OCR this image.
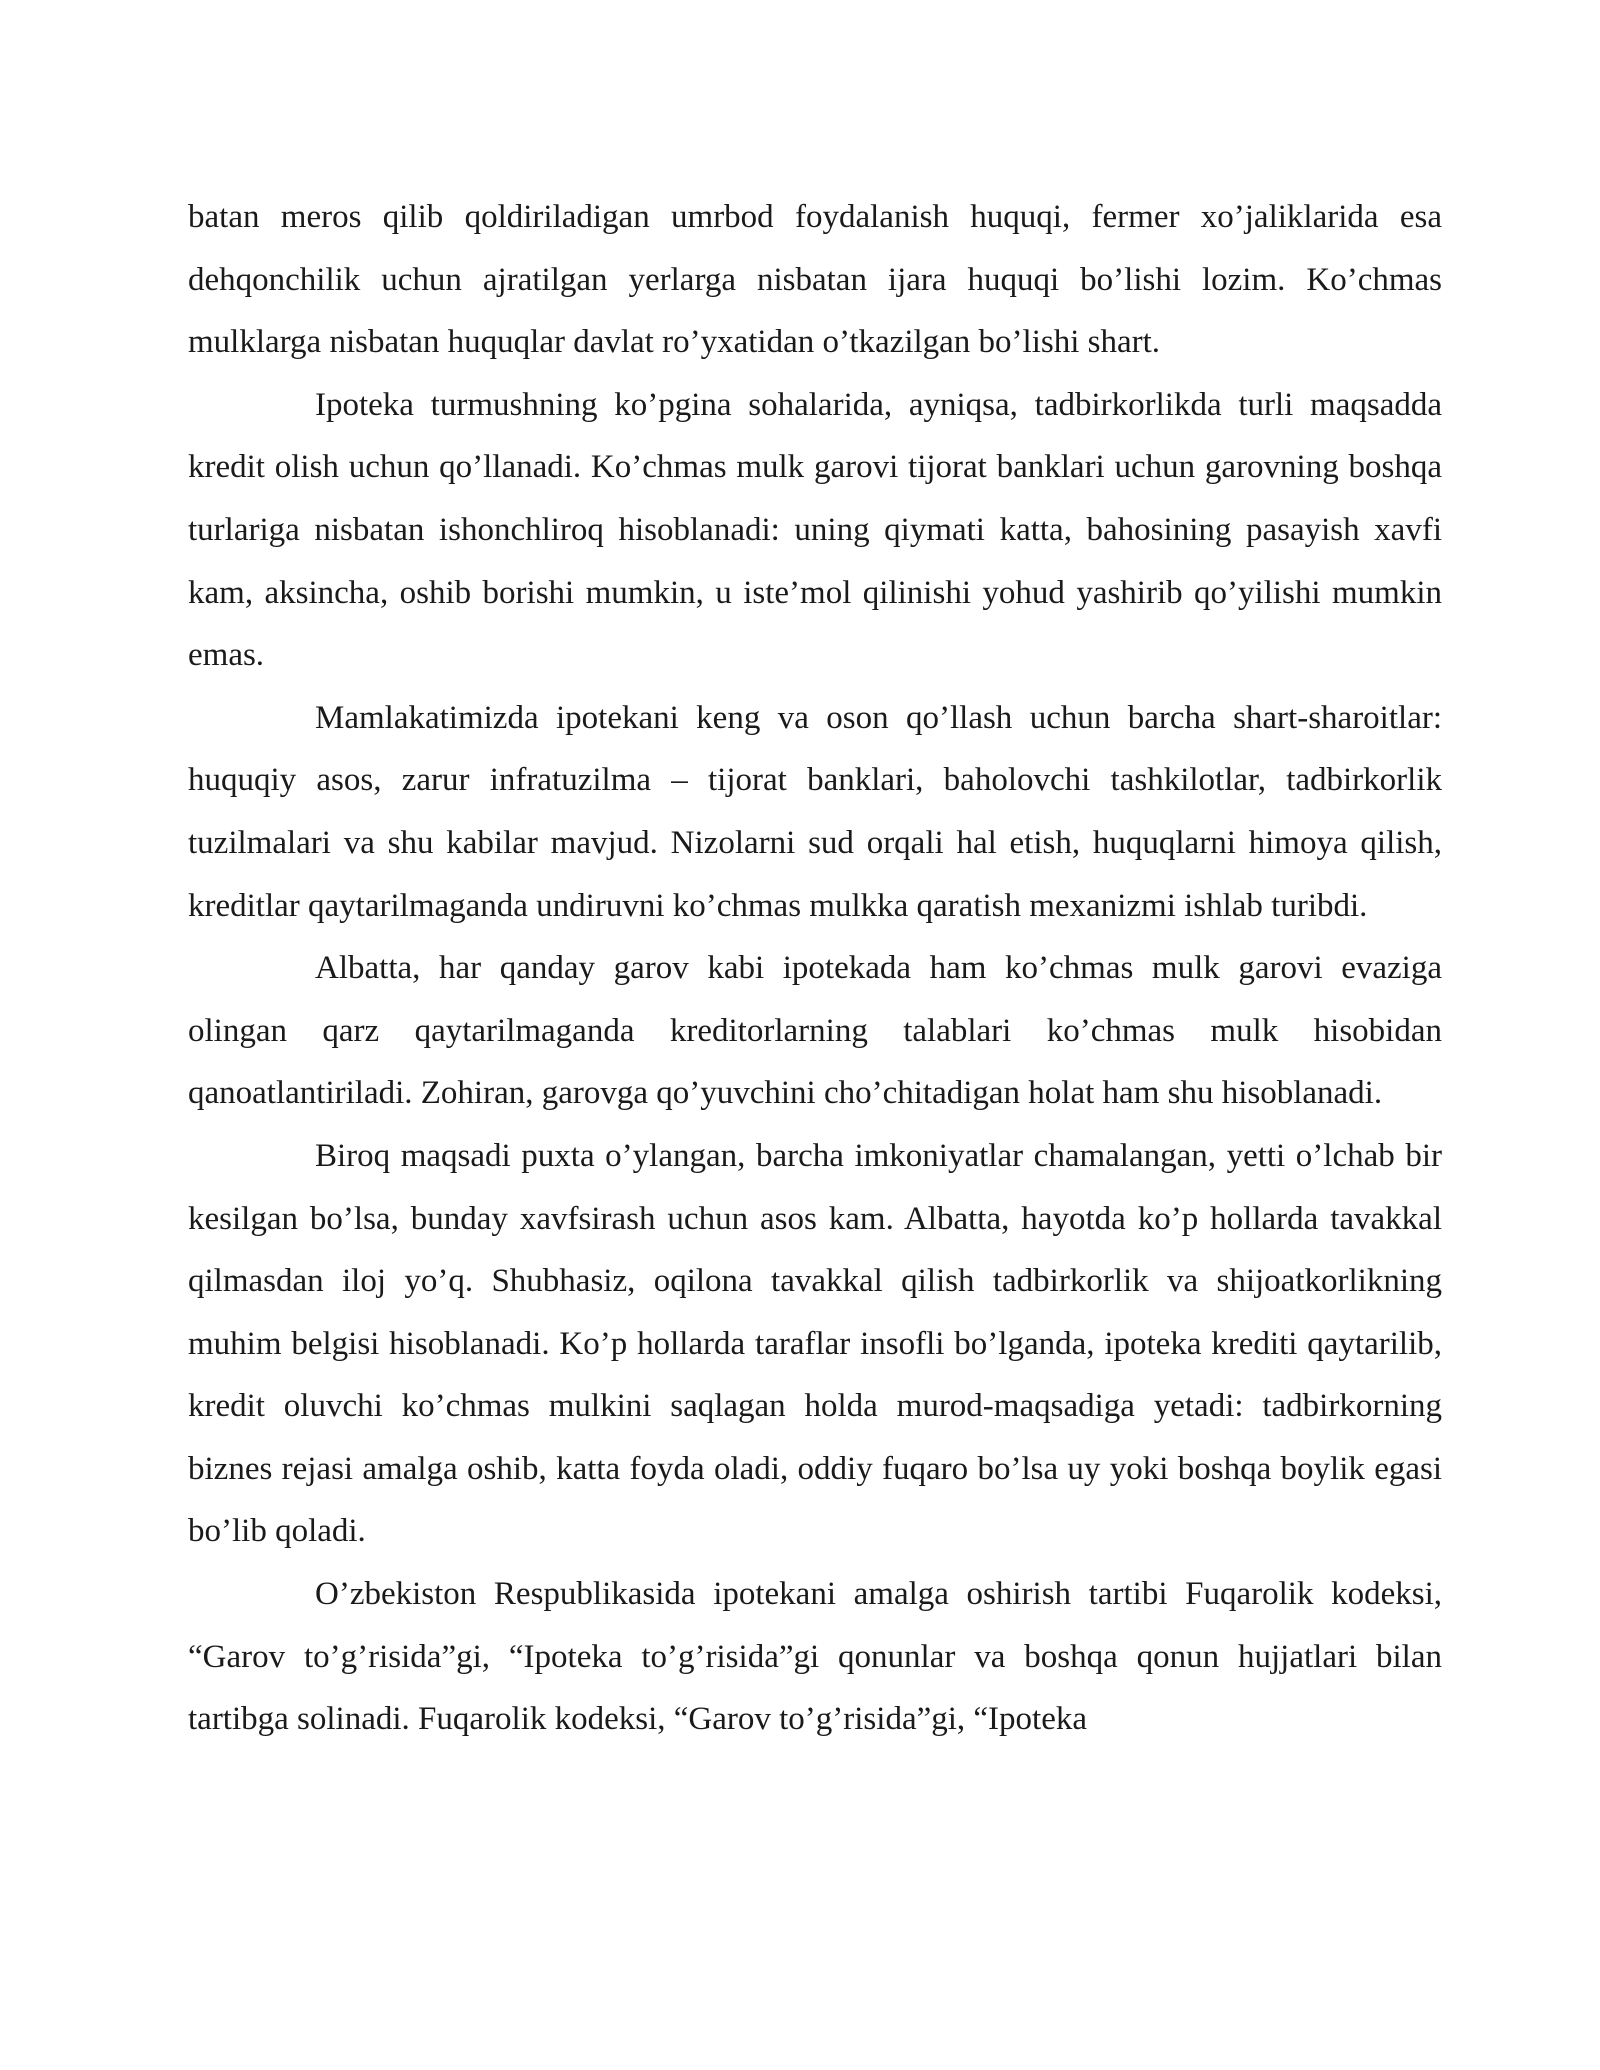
batan meros qilib qoldiriladigan umrbod foydalanish huquqi, fermer xo’jaliklarida esa dehqonchilik uchun ajratilgan yerlarga nisbatan ijara huquqi bo’lishi lozim. Ko’chmas mulklarga nisbatan huquqlar davlat ro’yxatidan o’tkazilgan bo’lishi shart.

Ipoteka turmushning ko’pgina sohalarida, ayniqsa, tadbirkorlikda turli maqsadda kredit olish uchun qo’llanadi. Ko’chmas mulk garovi tijorat banklari uchun garovning boshqa turlariga nisbatan ishonchliroq hisoblanadi: uning qiymati katta, bahosining pasayish xavfi kam, aksincha, oshib borishi mumkin, u iste’mol qilinishi yohud yashirib qo’yilishi mumkin emas.

Mamlakatimizda ipotekani keng va oson qo’llash uchun barcha shart-sharoitlar: huquqiy asos, zarur infratuzilma – tijorat banklari, baholovchi tashkilotlar, tadbirkorlik tuzilmalari va shu kabilar mavjud. Nizolarni sud orqali hal etish, huquqlarni himoya qilish, kreditlar qaytarilmaganda undiruvni ko’chmas mulkka qaratish mexanizmi ishlab turibdi.

Albatta, har qanday garov kabi ipotekada ham ko’chmas mulk garovi evaziga olingan qarz qaytarilmaganda kreditorlarning talablari ko’chmas mulk hisobidan qanoatlantiriladi. Zohiran, garovga qo’yuvchini cho’chitadigan holat ham shu hisoblanadi.

Biroq maqsadi puxta o’ylangan, barcha imkoniyatlar chamalangan, yetti o’lchab bir kesilgan bo’lsa, bunday xavfsirash uchun asos kam. Albatta, hayotda ko’p hollarda tavakkal qilmasdan iloj yo’q. Shubhasiz, oqilona tavakkal qilish tadbirkorlik va shijoatkorlikning muhim belgisi hisoblanadi. Ko’p hollarda taraflar insofli bo’lganda, ipoteka krediti qaytarilib, kredit oluvchi ko’chmas mulkini saqlagan holda murod-maqsadiga yetadi: tadbirkorning biznes rejasi amalga oshib, katta foyda oladi, oddiy fuqaro bo’lsa uy yoki boshqa boylik egasi bo’lib qoladi.

O’zbekiston Respublikasida ipotekani amalga oshirish tartibi Fuqarolik kodeksi, “Garov to’g’risida”gi, “Ipoteka to’g’risida”gi qonunlar va boshqa qonun hujjatlari bilan tartibga solinadi. Fuqarolik kodeksi, “Garov to’g’risida”gi, “Ipoteka
